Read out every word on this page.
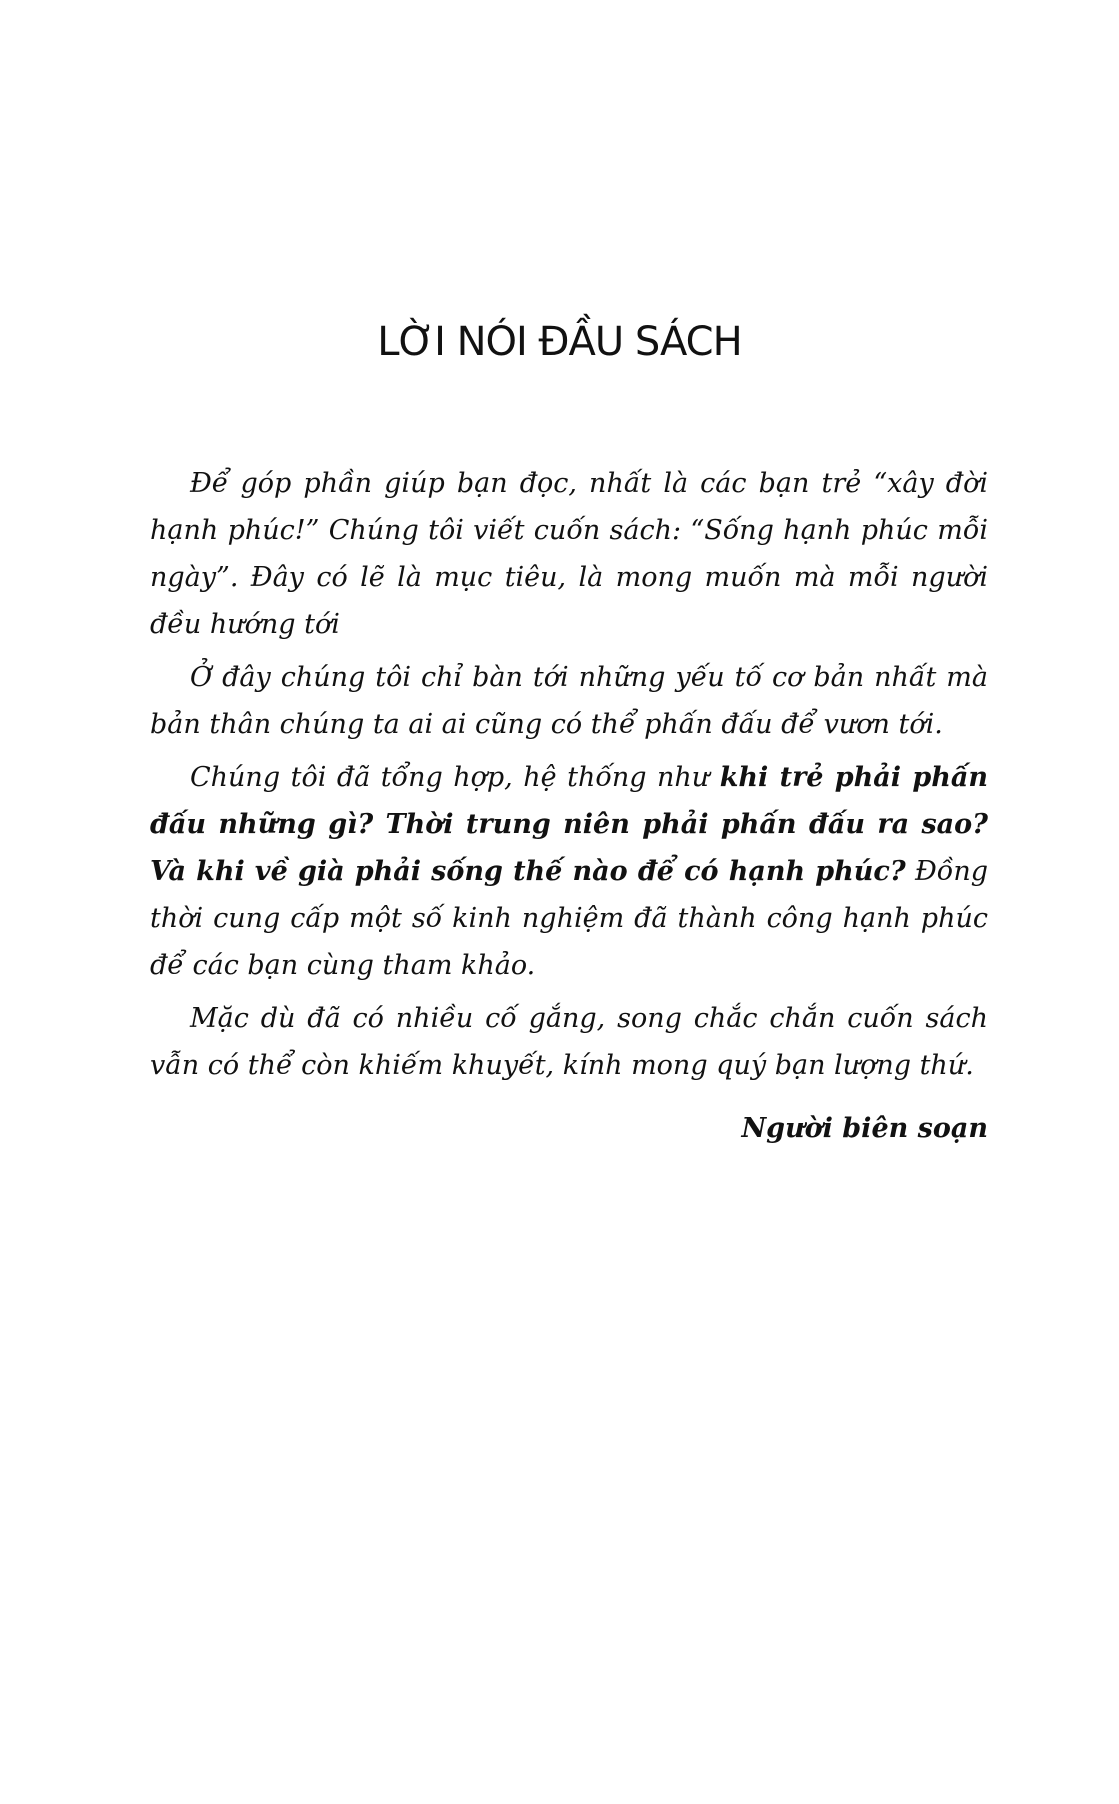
LỜI NÓI ĐẦU SÁCH

Để góp phần giúp bạn đọc, nhất là các bạn trẻ “xây đời hạnh phúc!” Chúng tôi viết cuốn sách: “Sống hạnh phúc mỗi ngày”. Đây có lẽ là mục tiêu, là mong muốn mà mỗi người đều hướng tới

Ở đây chúng tôi chỉ bàn tới những yếu tố cơ bản nhất mà bản thân chúng ta ai ai cũng có thể phấn đấu để vươn tới.

Chúng tôi đã tổng hợp, hệ thống như khi trẻ phải phấn đấu những gì? Thời trung niên phải phấn đấu ra sao? Và khi về già phải sống thế nào để có hạnh phúc? Đồng thời cung cấp một số kinh nghiệm đã thành công hạnh phúc để các bạn cùng tham khảo.

Mặc dù đã có nhiều cố gắng, song chắc chắn cuốn sách vẫn có thể còn khiếm khuyết, kính mong quý bạn lượng thứ.

Người biên soạn
